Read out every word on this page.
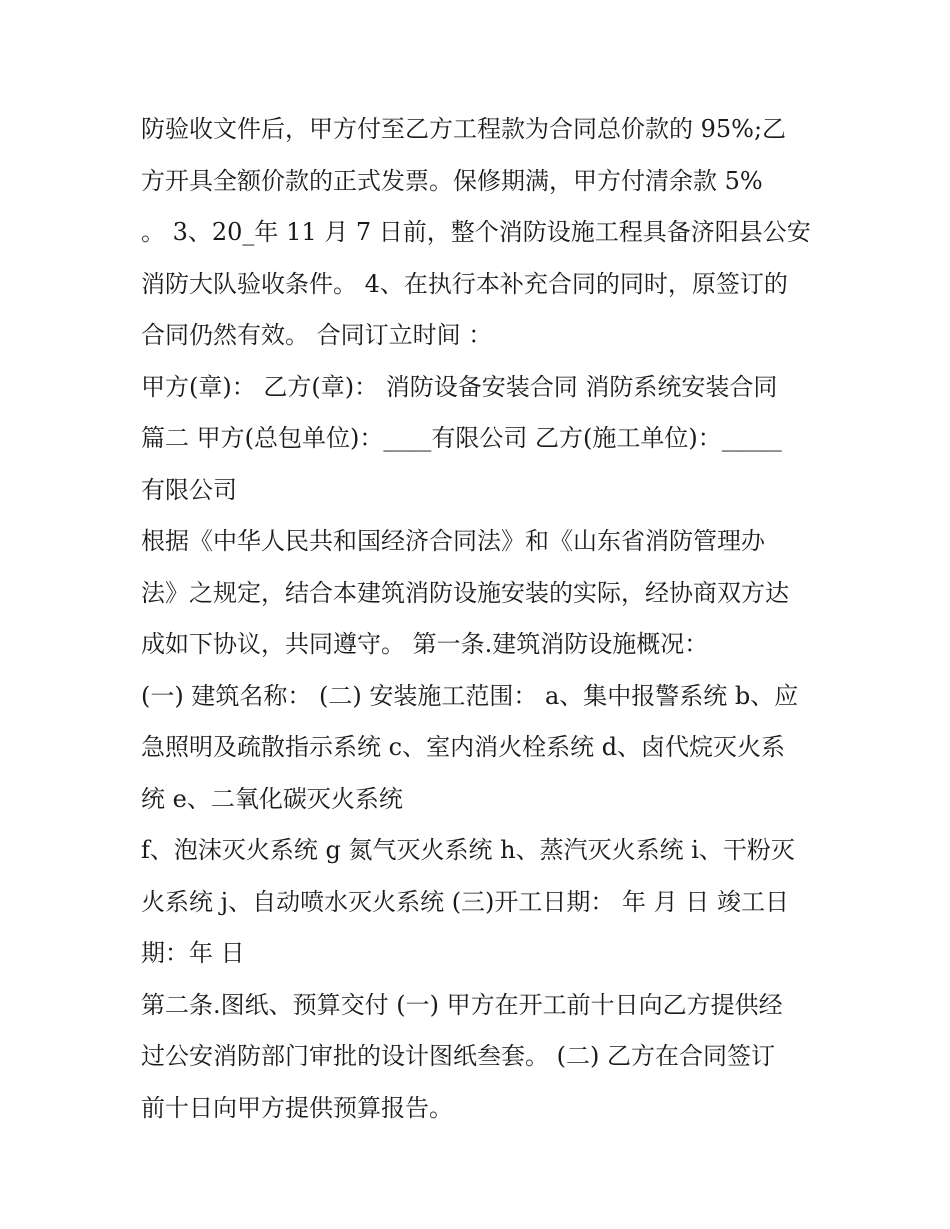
防验收文件后，甲方付至乙方工程款为合同总价款的 95%;乙
方开具全额价款的正式发票。保修期满，甲方付清余款 5%
。 3、20_年 11 月 7 日前，整个消防设施工程具备济阳县公安
消防大队验收条件。 4、在执行本补充合同的同时，原签订的
合同仍然有效。 合同订立时间 ：
甲方(章)： 乙方(章)： 消防设备安装合同 消防系统安装合同
篇二 甲方(总包单位)：____有限公司 乙方(施工单位)：_____
有限公司
根据《中华人民共和国经济合同法》和《山东省消防管理办
法》之规定，结合本建筑消防设施安装的实际，经协商双方达
成如下协议，共同遵守。 第一条.建筑消防设施概况：
(一) 建筑名称： (二) 安装施工范围： a、集中报警系统 b、应
急照明及疏散指示系统 c、室内消火栓系统 d、卤代烷灭火系
统 e、二氧化碳灭火系统
f、泡沫灭火系统 g 氮气灭火系统 h、蒸汽灭火系统 i、干粉灭
火系统 j、自动喷水灭火系统 (三)开工日期： 年 月 日 竣工日
期：年 日
第二条.图纸、预算交付 (一) 甲方在开工前十日向乙方提供经
过公安消防部门审批的设计图纸叁套。 (二) 乙方在合同签订
前十日向甲方提供预算报告。
